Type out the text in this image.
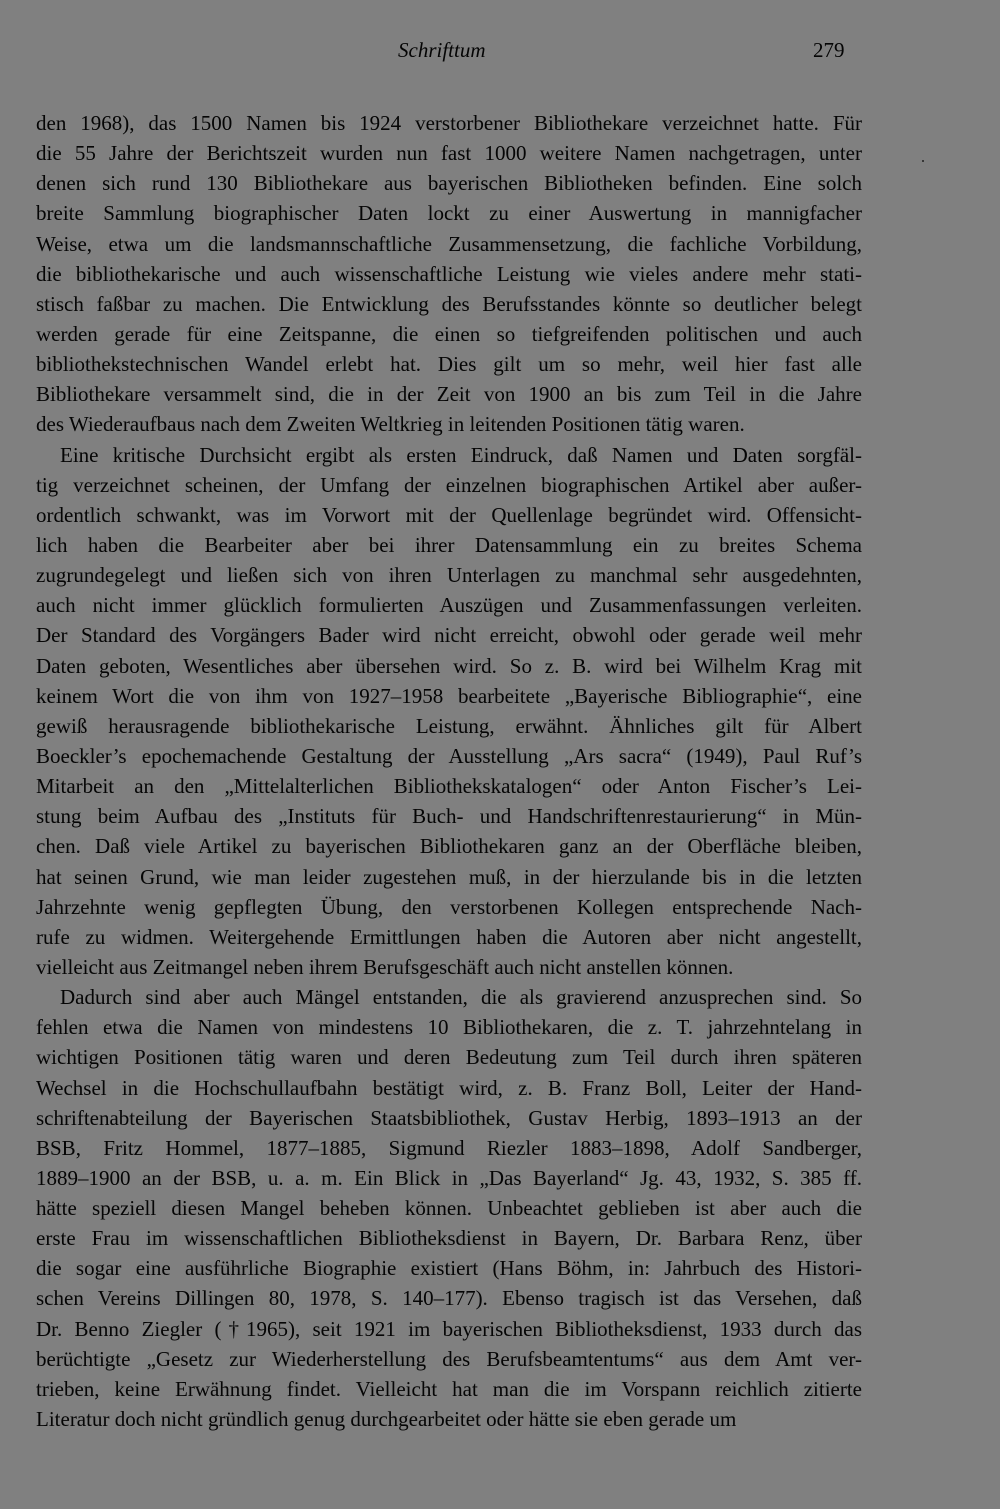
Schrifttum	279
den 1968), das 1500 Namen bis 1924 verstorbener Bibliothekare verzeichnet hatte. Für
die 55 Jahre der Berichtszeit wurden nun fast 1000 weitere Namen nachgetragen, unter
denen sich rund 130 Bibliothekare aus bayerischen Bibliotheken befinden. Eine solch
breite Sammlung biographischer Daten lockt zu einer Auswertung in mannigfacher
Weise, etwa um die landsmannschaftliche Zusammensetzung, die fachliche Vorbildung,
die bibliothekarische und auch wissenschaftliche Leistung wie vieles andere mehr stati-
stisch faßbar zu machen. Die Entwicklung des Berufsstandes könnte so deutlicher belegt
werden gerade für eine Zeitspanne, die einen so tiefgreifenden politischen und auch
bibliothekstechnischen Wandel erlebt hat. Dies gilt um so mehr, weil hier fast alle
Bibliothekare versammelt sind, die in der Zeit von 1900 an bis zum Teil in die Jahre
des Wiederaufbaus nach dem Zweiten Weltkrieg in leitenden Positionen tätig waren.
Eine kritische Durchsicht ergibt als ersten Eindruck, daß Namen und Daten sorgfäl-
tig verzeichnet scheinen, der Umfang der einzelnen biographischen Artikel aber außer-
ordentlich schwankt, was im Vorwort mit der Quellenlage begründet wird. Offensicht-
lich haben die Bearbeiter aber bei ihrer Datensammlung ein zu breites Schema
zugrundegelegt und ließen sich von ihren Unterlagen zu manchmal sehr ausgedehnten,
auch nicht immer glücklich formulierten Auszügen und Zusammenfassungen verleiten.
Der Standard des Vorgängers Bader wird nicht erreicht, obwohl oder gerade weil mehr
Daten geboten, Wesentliches aber übersehen wird. So z. B. wird bei Wilhelm Krag mit
keinem Wort die von ihm von 1927–1958 bearbeitete „Bayerische Bibliographie“, eine
gewiß herausragende bibliothekarische Leistung, erwähnt. Ähnliches gilt für Albert
Boeckler’s epochemachende Gestaltung der Ausstellung „Ars sacra“ (1949), Paul Ruf’s
Mitarbeit an den „Mittelalterlichen Bibliothekskatalogen“ oder Anton Fischer’s Lei-
stung beim Aufbau des „Instituts für Buch- und Handschriftenrestaurierung“ in Mün-
chen. Daß viele Artikel zu bayerischen Bibliothekaren ganz an der Oberfläche bleiben,
hat seinen Grund, wie man leider zugestehen muß, in der hierzulande bis in die letzten
Jahrzehnte wenig gepflegten Übung, den verstorbenen Kollegen entsprechende Nach-
rufe zu widmen. Weitergehende Ermittlungen haben die Autoren aber nicht angestellt,
vielleicht aus Zeitmangel neben ihrem Berufsgeschäft auch nicht anstellen können.
Dadurch sind aber auch Mängel entstanden, die als gravierend anzusprechen sind. So
fehlen etwa die Namen von mindestens 10 Bibliothekaren, die z. T. jahrzehntelang in
wichtigen Positionen tätig waren und deren Bedeutung zum Teil durch ihren späteren
Wechsel in die Hochschullaufbahn bestätigt wird, z. B. Franz Boll, Leiter der Hand-
schriftenabteilung der Bayerischen Staatsbibliothek, Gustav Herbig, 1893–1913 an der
BSB, Fritz Hommel, 1877–1885, Sigmund Riezler 1883–1898, Adolf Sandberger,
1889–1900 an der BSB, u. a. m. Ein Blick in „Das Bayerland“ Jg. 43, 1932, S. 385 ff.
hätte speziell diesen Mangel beheben können. Unbeachtet geblieben ist aber auch die
erste Frau im wissenschaftlichen Bibliotheksdienst in Bayern, Dr. Barbara Renz, über
die sogar eine ausführliche Biographie existiert (Hans Böhm, in: Jahrbuch des Histori-
schen Vereins Dillingen 80, 1978, S. 140–177). Ebenso tragisch ist das Versehen, daß
Dr. Benno Ziegler (†1965), seit 1921 im bayerischen Bibliotheksdienst, 1933 durch das
berüchtigte „Gesetz zur Wiederherstellung des Berufsbeamtentums“ aus dem Amt ver-
trieben, keine Erwähnung findet. Vielleicht hat man die im Vorspann reichlich zitierte
Literatur doch nicht gründlich genug durchgearbeitet oder hätte sie eben gerade um
